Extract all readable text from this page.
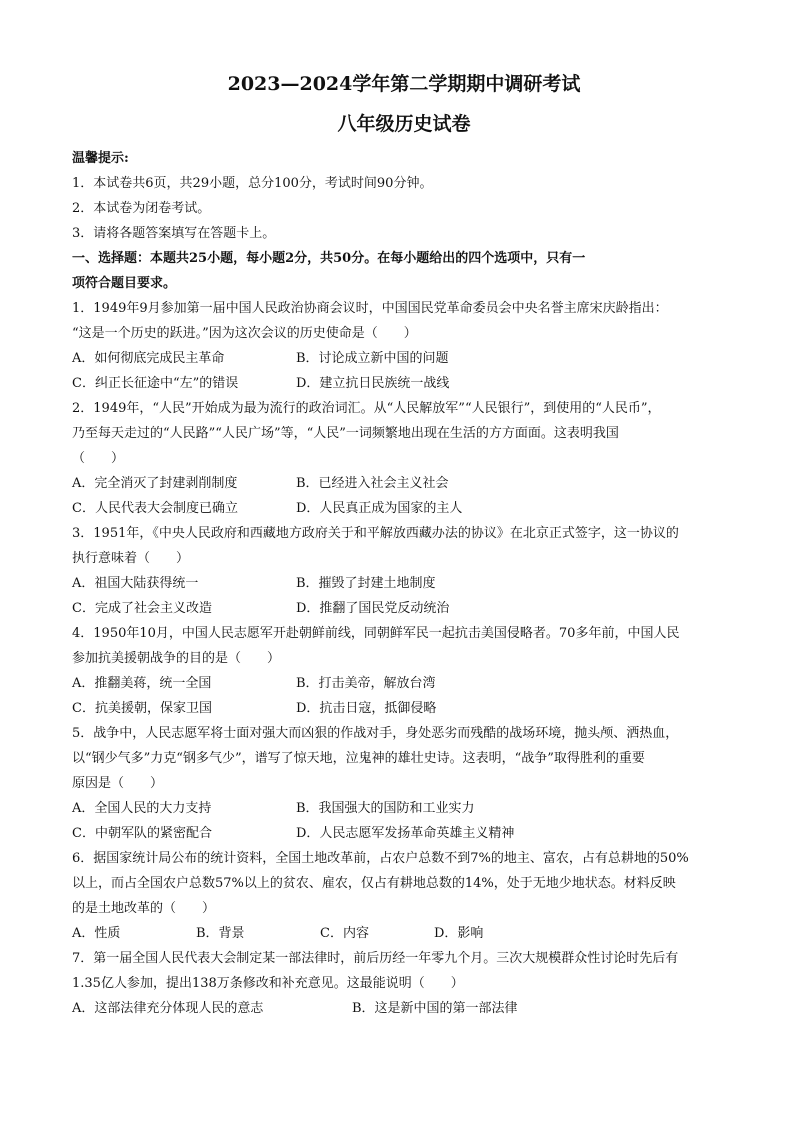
2023—2024学年第二学期期中调研考试
八年级历史试卷
温馨提示:
1．本试卷共6页，共29小题，总分100分，考试时间90分钟。
2．本试卷为闭卷考试。
3．请将各题答案填写在答题卡上。
一、选择题：本题共25小题，每小题2分，共50分。在每小题给出的四个选项中，只有一
项符合题目要求。
1．1949年9月参加第一届中国人民政治协商会议时，中国国民党革命委员会中央名誉主席宋庆龄指出：
“这是一个历史的跃进。”因为这次会议的历史使命是（　　）
A．如何彻底完成民主革命	B．讨论成立新中国的问题
C．纠正长征途中“左”的错误	D．建立抗日民族统一战线
2．1949年，“人民”开始成为最为流行的政治词汇。从“人民解放军”“人民银行”，到使用的“人民币”，
乃至每天走过的“人民路”“人民广场”等，“人民”一词频繁地出现在生活的方方面面。这表明我国
（　　）
A．完全消灭了封建剥削制度	B．已经进入社会主义社会
C．人民代表大会制度已确立	D．人民真正成为国家的主人
3．1951年，《中央人民政府和西藏地方政府关于和平解放西藏办法的协议》在北京正式签字，这一协议的
执行意味着（　　）
A．祖国大陆获得统一	B．摧毁了封建土地制度
C．完成了社会主义改造	D．推翻了国民党反动统治
4．1950年10月，中国人民志愿军开赴朝鲜前线，同朝鲜军民一起抗击美国侵略者。70多年前，中国人民
参加抗美援朝战争的目的是（　　）
A．推翻美蒋，统一全国	B．打击美帝，解放台湾
C．抗美援朝，保家卫国	D．抗击日寇，抵御侵略
5．战争中，人民志愿军将士面对强大而凶狠的作战对手，身处恶劣而残酷的战场环境，抛头颅、洒热血，
以“钢少气多”力克“钢多气少”，谱写了惊天地，泣鬼神的雄壮史诗。这表明，“战争”取得胜利的重要
原因是（　　）
A．全国人民的大力支持	B．我国强大的国防和工业实力
C．中朝军队的紧密配合	D．人民志愿军发扬革命英雄主义精神
6．据国家统计局公布的统计资料，全国土地改革前，占农户总数不到7%的地主、富农，占有总耕地的50%
以上，而占全国农户总数57%以上的贫农、雇农，仅占有耕地总数的14%，处于无地少地状态。材料反映
的是土地改革的（　　）
A．性质	B．背景	C．内容	D．影响
7．第一届全国人民代表大会制定某一部法律时，前后历经一年零九个月。三次大规模群众性讨论时先后有
1.35亿人参加，提出138万条修改和补充意见。这最能说明（　　）
A．这部法律充分体现人民的意志	B．这是新中国的第一部法律
